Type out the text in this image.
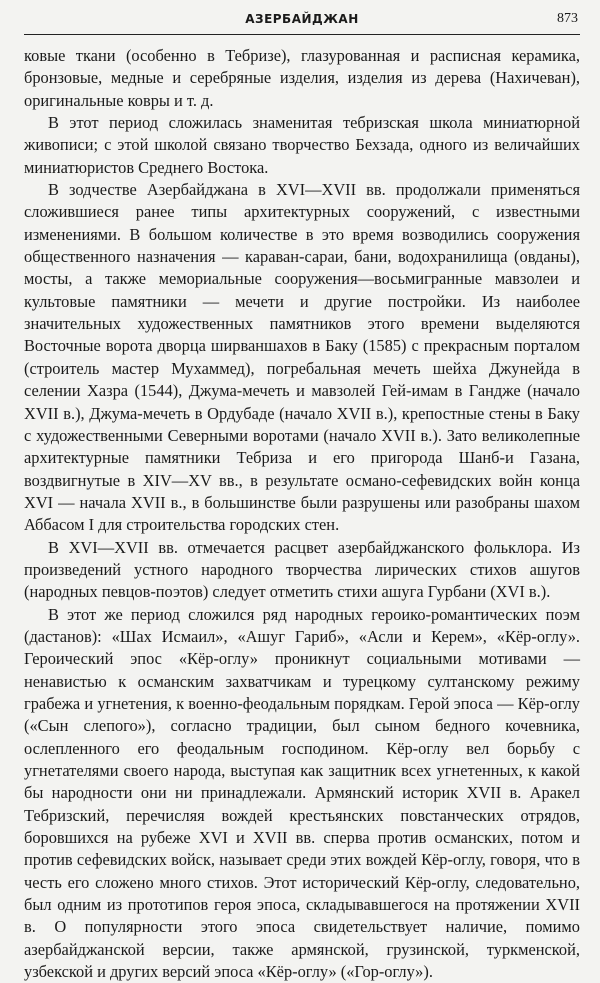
АЗЕРБАЙДЖАН	873

ковые ткани (особенно в Тебризе), глазурованная и расписная керамика, бронзовые, медные и серебряные изделия, изделия из дерева (Нахичеван), оригинальные ковры и т. д.

В этот период сложилась знаменитая тебризская школа миниатюрной живописи; с этой школой связано творчество Бехзада, одного из величайших миниатюристов Среднего Востока.

В зодчестве Азербайджана в XVI—XVII вв. продолжали применяться сложившиеся ранее типы архитектурных сооружений, с известными изменениями. В большом количестве в это время возводились сооружения общественного назначения — караван-сараи, бани, водохранилища (овданы), мосты, а также мемориальные сооружения—восьмигранные мавзолеи и культовые памятники — мечети и другие постройки. Из наиболее значительных художественных памятников этого времени выделяются Восточные ворота дворца ширваншахов в Баку (1585) с прекрасным порталом (строитель мастер Мухаммед), погребальная мечеть шейха Джунейда в селении Хазра (1544), Джума-мечеть и мавзолей Гей-имам в Гандже (начало XVII в.), Джума-мечеть в Ордубаде (начало XVII в.), крепостные стены в Баку с художественными Северными воротами (начало XVII в.). Зато великолепные архитектурные памятники Тебриза и его пригорода Шанб-и Газана, воздвигнутые в XIV—XV вв., в результате османо-сефевидских войн конца XVI — начала XVII в., в большинстве были разрушены или разобраны шахом Аббасом I для строительства городских стен.

В XVI—XVII вв. отмечается расцвет азербайджанского фольклора. Из произведений устного народного творчества лирических стихов ашугов (народных певцов-поэтов) следует отметить стихи ашуга Гурбани (XVI в.).

В этот же период сложился ряд народных героико-романтических поэм (дастанов): «Шах Исмаил», «Ашуг Гариб», «Асли и Керем», «Кёр-оглу». Героический эпос «Кёр-оглу» проникнут социальными мотивами — ненавистью к османским захватчикам и турецкому султанскому режиму грабежа и угнетения, к военно-феодальным порядкам. Герой эпоса — Кёр-оглу («Сын слепого»), согласно традиции, был сыном бедного кочевника, ослепленного его феодальным господином. Кёр-оглу вел борьбу с угнетателями своего народа, выступая как защитник всех угнетенных, к какой бы народности они ни принадлежали. Армянский историк XVII в. Аракел Тебризский, перечисляя вождей крестьянских повстанческих отрядов, боровшихся на рубеже XVI и XVII вв. сперва против османских, потом и против сефевидских войск, называет среди этих вождей Кёр-оглу, говоря, что в честь его сложено много стихов. Этот исторический Кёр-оглу, следовательно, был одним из прототипов героя эпоса, складывавшегося на протяжении XVII в. О популярности этого эпоса свидетельствует наличие, помимо азербайджанской версии, также армянской, грузинской, туркменской, узбекской и других версий эпоса «Кёр-оглу» («Гор-оглу»).
